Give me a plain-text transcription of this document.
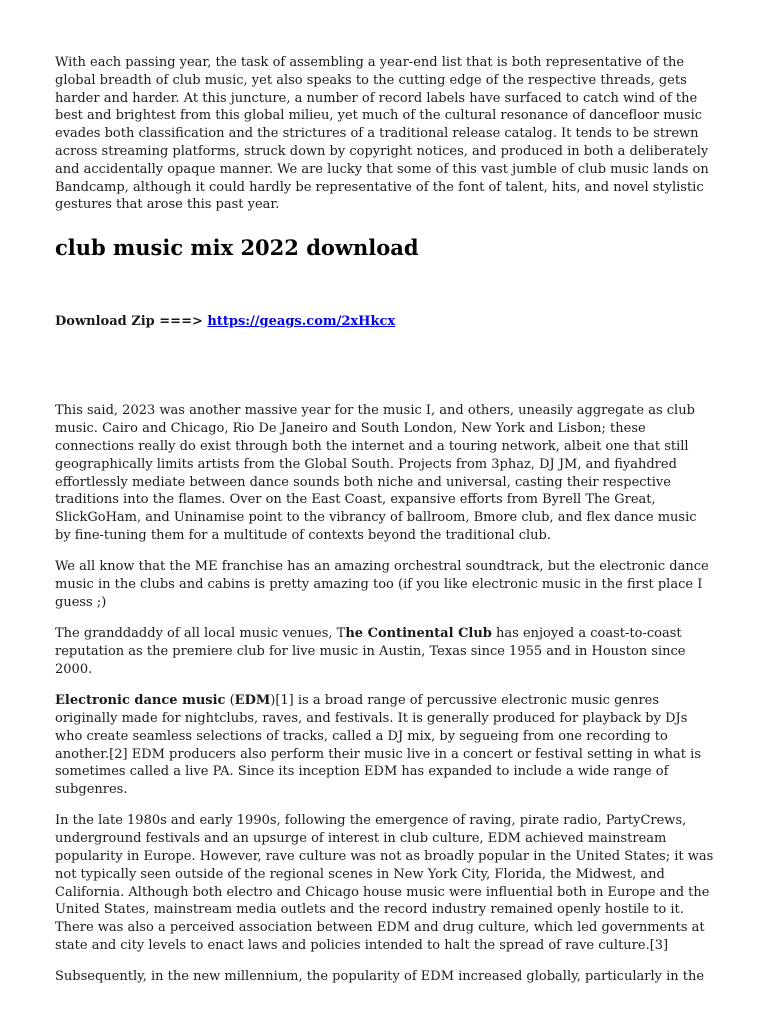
With each passing year, the task of assembling a year-end list that is both representative of the global breadth of club music, yet also speaks to the cutting edge of the respective threads, gets harder and harder. At this juncture, a number of record labels have surfaced to catch wind of the best and brightest from this global milieu, yet much of the cultural resonance of dancefloor music evades both classification and the strictures of a traditional release catalog. It tends to be strewn across streaming platforms, struck down by copyright notices, and produced in both a deliberately and accidentally opaque manner. We are lucky that some of this vast jumble of club music lands on Bandcamp, although it could hardly be representative of the font of talent, hits, and novel stylistic gestures that arose this past year.

club music mix 2022 download

Download Zip ===> https://geags.com/2xHkcx

This said, 2023 was another massive year for the music I, and others, uneasily aggregate as club music. Cairo and Chicago, Rio De Janeiro and South London, New York and Lisbon; these connections really do exist through both the internet and a touring network, albeit one that still geographically limits artists from the Global South. Projects from 3phaz, DJ JM, and fiyahdred effortlessly mediate between dance sounds both niche and universal, casting their respective traditions into the flames. Over on the East Coast, expansive efforts from Byrell The Great, SlickGoHam, and Uninamise point to the vibrancy of ballroom, Bmore club, and flex dance music by fine-tuning them for a multitude of contexts beyond the traditional club.

We all know that the ME franchise has an amazing orchestral soundtrack, but the electronic dance music in the clubs and cabins is pretty amazing too (if you like electronic music in the first place I guess ;)

The granddaddy of all local music venues, The Continental Club has enjoyed a coast-to-coast reputation as the premiere club for live music in Austin, Texas since 1955 and in Houston since 2000.

Electronic dance music (EDM)[1] is a broad range of percussive electronic music genres originally made for nightclubs, raves, and festivals. It is generally produced for playback by DJs who create seamless selections of tracks, called a DJ mix, by segueing from one recording to another.[2] EDM producers also perform their music live in a concert or festival setting in what is sometimes called a live PA. Since its inception EDM has expanded to include a wide range of subgenres.

In the late 1980s and early 1990s, following the emergence of raving, pirate radio, PartyCrews, underground festivals and an upsurge of interest in club culture, EDM achieved mainstream popularity in Europe. However, rave culture was not as broadly popular in the United States; it was not typically seen outside of the regional scenes in New York City, Florida, the Midwest, and California. Although both electro and Chicago house music were influential both in Europe and the United States, mainstream media outlets and the record industry remained openly hostile to it. There was also a perceived association between EDM and drug culture, which led governments at state and city levels to enact laws and policies intended to halt the spread of rave culture.[3]

Subsequently, in the new millennium, the popularity of EDM increased globally, particularly in the
